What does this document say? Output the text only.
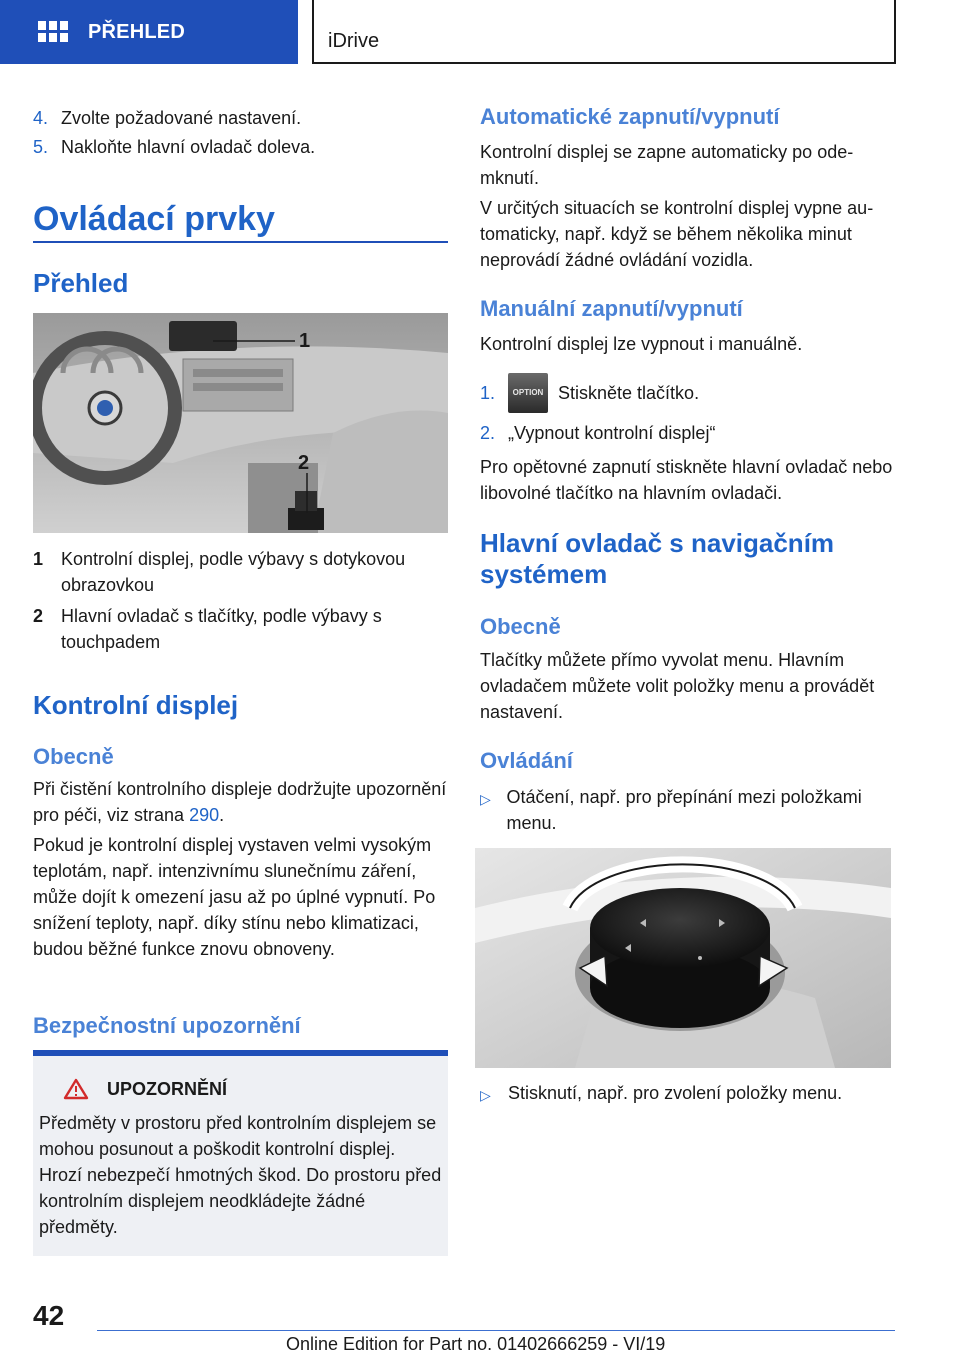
PŘEHLED	iDrive
4. Zvolte požadované nastavení.
5. Nakloňte hlavní ovladač doleva.
Ovládací prvky
Přehled
1
2
1 Kontrolní displej, podle výbavy s dotykovou obrazovkou
2 Hlavní ovladač s tlačítky, podle výbavy s touchpadem
Kontrolní displej
Obecně
Při čistění kontrolního displeje dodržujte upozornění pro péči, viz strana 290.
Pokud je kontrolní displej vystaven velmi vysokým teplotám, např. intenzivnímu slunečnímu záření, může dojít k omezení jasu až po úplné vypnutí. Po snížení teploty, např. díky stínu nebo klimatizaci, budou běžné funkce znovu obnoveny.
Bezpečnostní upozornění
UPOZORNĚNÍ
Předměty v prostoru před kontrolním displejem se mohou posunout a poškodit kontrolní displej. Hrozí nebezpečí hmotných škod. Do prostoru před kontrolním displejem neodkládejte žádné předměty.
Automatické zapnutí/vypnutí
Kontrolní displej se zapne automaticky po odemknutí.
V určitých situacích se kontrolní displej vypne automaticky, např. když se během několika minut neprovádí žádné ovládání vozidla.
Manuální zapnutí/vypnutí
Kontrolní displej lze vypnout i manuálně.
1.	OPTION Stiskněte tlačítko.
2. „Vypnout kontrolní displej“
Pro opětovné zapnutí stiskněte hlavní ovladač nebo libovolné tlačítko na hlavním ovladači.
Hlavní ovladač s navigačním systémem
Obecně
Tlačítky můžete přímo vyvolat menu. Hlavním ovladačem můžete volit položky menu a provádět nastavení.
Ovládání
▷ Otáčení, např. pro přepínání mezi položkami menu.
▷ Stisknutí, např. pro zvolení položky menu.
42
Online Edition for Part no. 01402666259 - VI/19
